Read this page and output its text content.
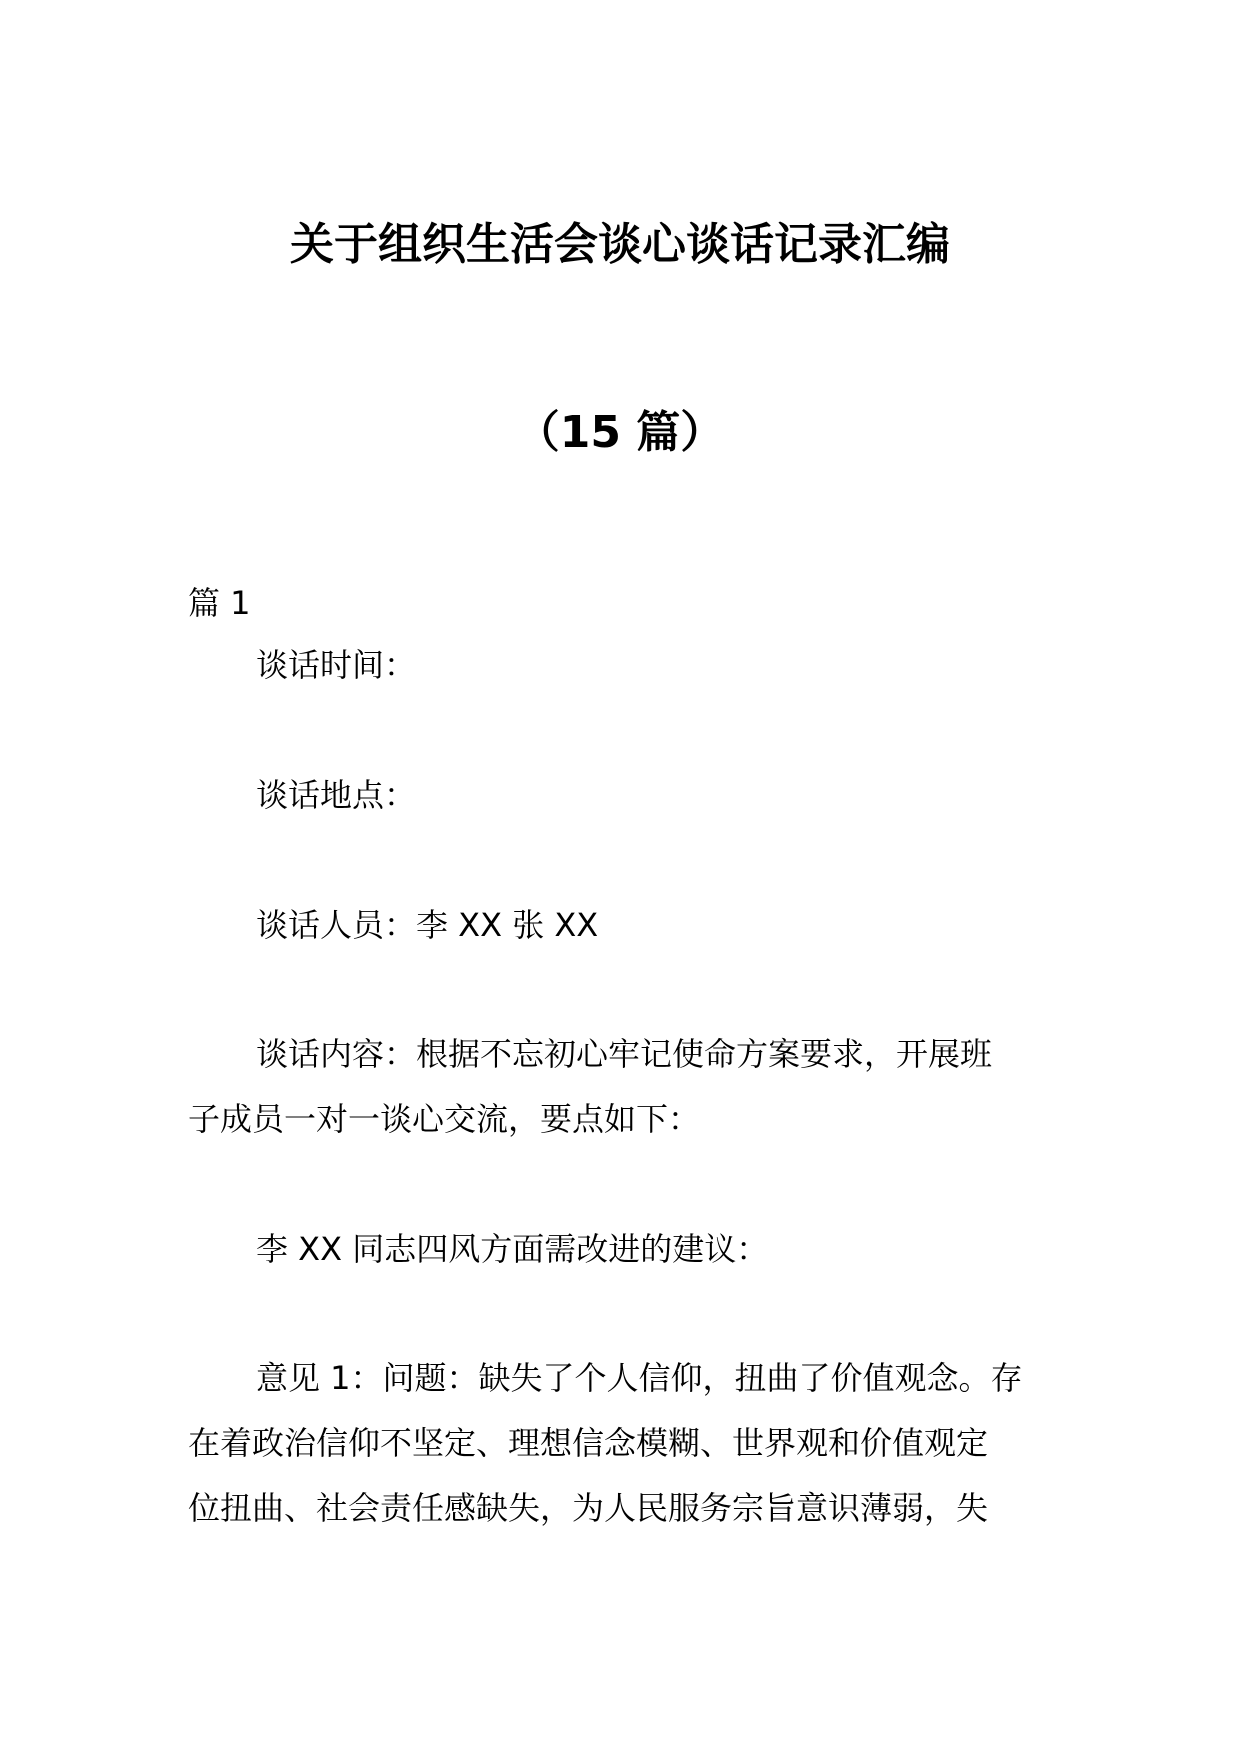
关于组织生活会谈心谈话记录汇编
（15 篇）
篇 1
谈话时间：
谈话地点：
谈话人员：李 XX 张 XX
谈话内容：根据不忘初心牢记使命方案要求，开展班
子成员一对一谈心交流，要点如下：
李 XX 同志四风方面需改进的建议：
意见 1：问题：缺失了个人信仰，扭曲了价值观念。存
在着政治信仰不坚定、理想信念模糊、世界观和价值观定
位扭曲、社会责任感缺失，为人民服务宗旨意识薄弱，失
